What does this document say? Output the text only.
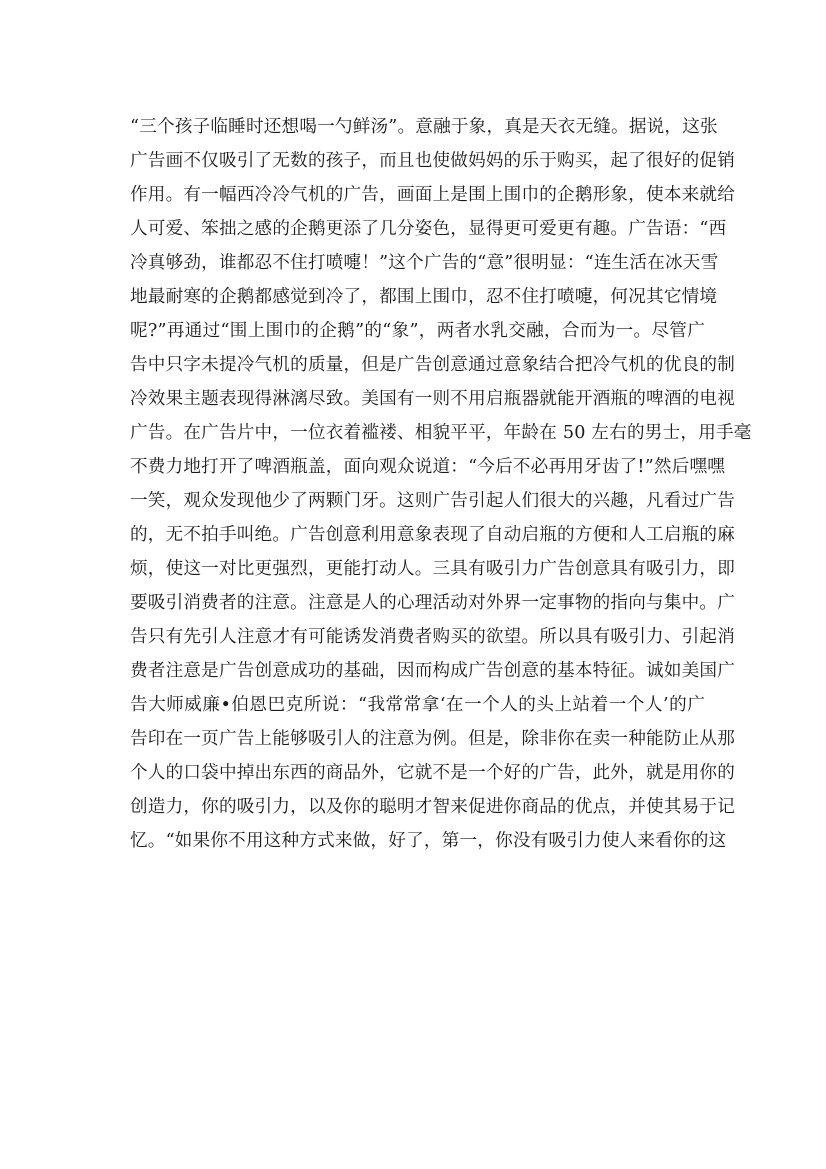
“三个孩子临睡时还想喝一勺鲜汤”。意融于象，真是天衣无缝。据说，这张
广告画不仅吸引了无数的孩子，而且也使做妈妈的乐于购买，起了很好的促销
作用。有一幅西冷冷气机的广告，画面上是围上围巾的企鹅形象，使本来就给
人可爱、笨拙之感的企鹅更添了几分姿色，显得更可爱更有趣。广告语：“西
冷真够劲，谁都忍不住打喷嚏！”这个广告的“意”很明显：“连生活在冰天雪
地最耐寒的企鹅都感觉到冷了，都围上围巾，忍不住打喷嚏，何况其它情境
呢?”再通过“围上围巾的企鹅”的“象”，两者水乳交融，合而为一。尽管广
告中只字未提冷气机的质量，但是广告创意通过意象结合把冷气机的优良的制
冷效果主题表现得淋漓尽致。美国有一则不用启瓶器就能开酒瓶的啤酒的电视
广告。在广告片中，一位衣着褴褛、相貌平平，年龄在 50 左右的男士，用手毫
不费力地打开了啤酒瓶盖，面向观众说道：“今后不必再用牙齿了!”然后嘿嘿
一笑，观众发现他少了两颗门牙。这则广告引起人们很大的兴趣，凡看过广告
的，无不拍手叫绝。广告创意利用意象表现了自动启瓶的方便和人工启瓶的麻
烦，使这一对比更强烈，更能打动人。三具有吸引力广告创意具有吸引力，即
要吸引消费者的注意。注意是人的心理活动对外界一定事物的指向与集中。广
告只有先引人注意才有可能诱发消费者购买的欲望。所以具有吸引力、引起消
费者注意是广告创意成功的基础，因而构成广告创意的基本特征。诚如美国广
告大师威廉•伯恩巴克所说：“我常常拿‘在一个人的头上站着一个人’的广
告印在一页广告上能够吸引人的注意为例。但是，除非你在卖一种能防止从那
个人的口袋中掉出东西的商品外，它就不是一个好的广告，此外，就是用你的
创造力，你的吸引力，以及你的聪明才智来促进你商品的优点，并使其易于记
忆。“如果你不用这种方式来做，好了，第一，你没有吸引力使人来看你的这
